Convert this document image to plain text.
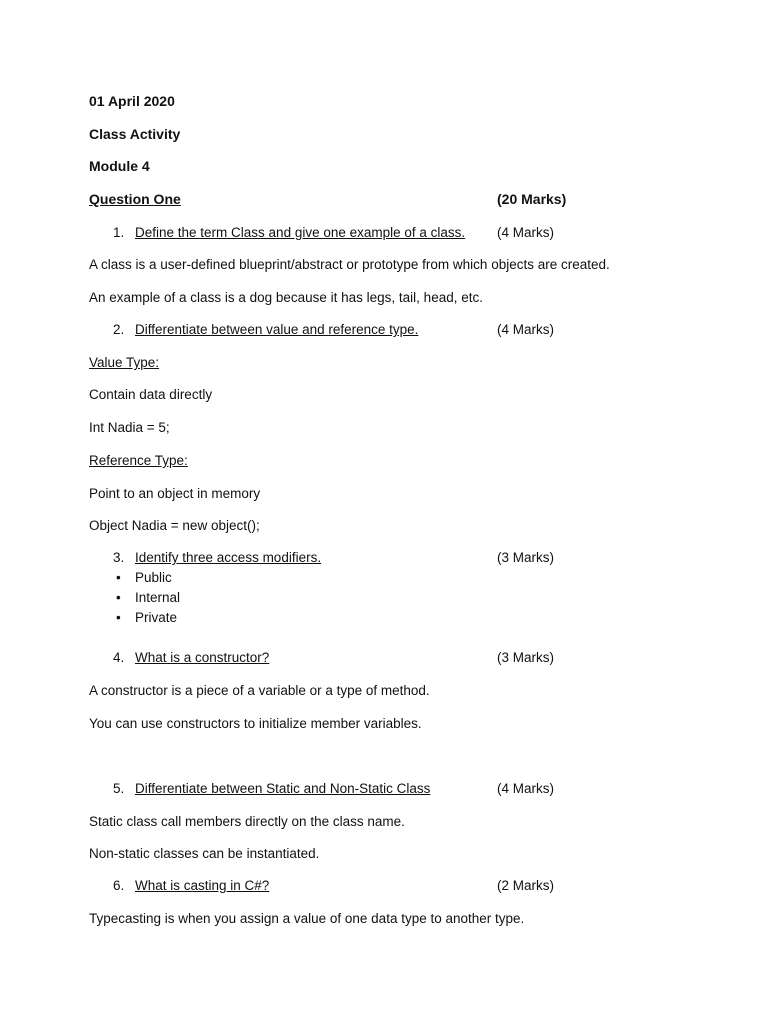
01 April 2020
Class Activity
Module 4
Question One	(20 Marks)
1. Define the term Class and give one example of a class. (4 Marks)
A class is a user-defined blueprint/abstract or prototype from which objects are created.
An example of a class is a dog because it has legs, tail, head, etc.
2. Differentiate between value and reference type.	(4 Marks)
Value Type:
Contain data directly
Int Nadia = 5;
Reference Type:
Point to an object in memory
Object Nadia = new object();
3. Identify three access modifiers.	(3 Marks)
• Public
• Internal
• Private
4. What is a constructor?	(3 Marks)
A constructor is a piece of a variable or a type of method.
You can use constructors to initialize member variables.
5. Differentiate between Static and Non-Static Class	(4 Marks)
Static class call members directly on the class name.
Non-static classes can be instantiated.
6. What is casting in C#?	(2 Marks)
Typecasting is when you assign a value of one data type to another type.
